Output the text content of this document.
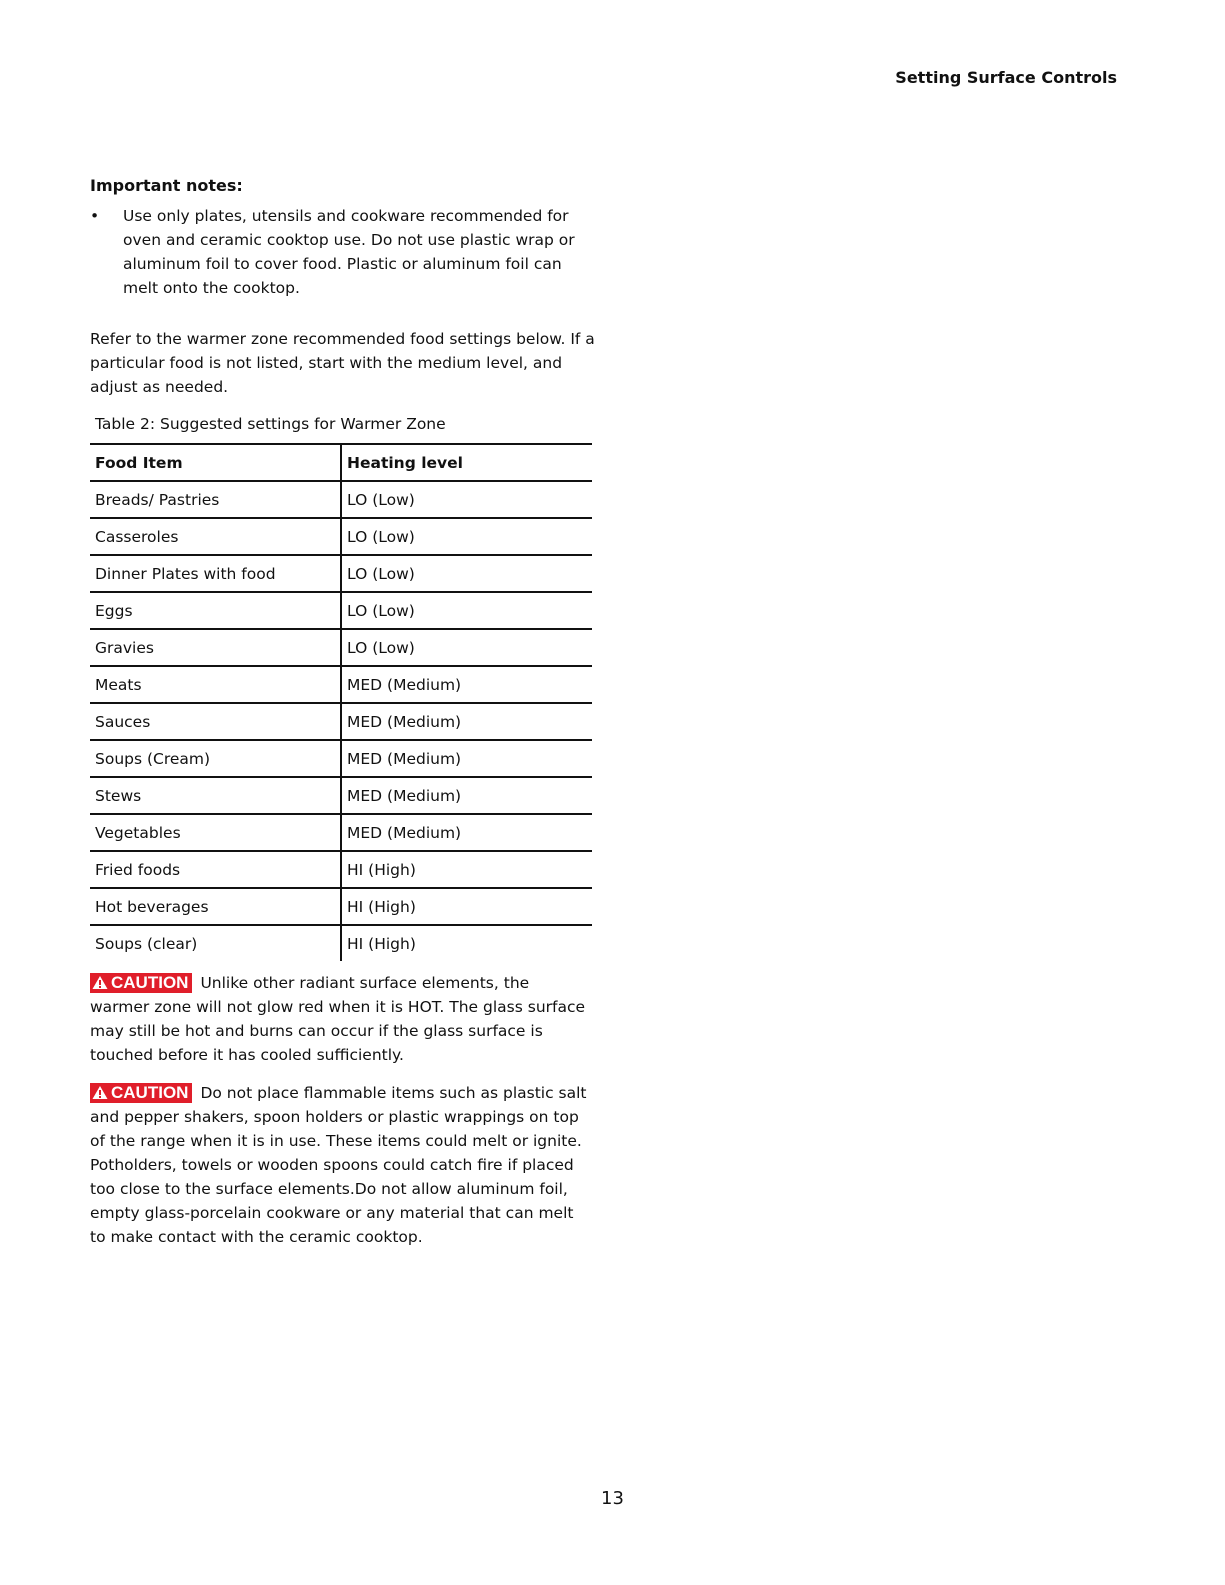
Setting Surface Controls

Important notes:

• Use only plates, utensils and cookware recommended for oven and ceramic cooktop use. Do not use plastic wrap or aluminum foil to cover food. Plastic or aluminum foil can melt onto the cooktop.

Refer to the warmer zone recommended food settings below. If a particular food is not listed, start with the medium level, and adjust as needed.

Table 2: Suggested settings for Warmer Zone
Food Item	Heating level
Breads/ Pastries	LO (Low)
Casseroles	LO (Low)
Dinner Plates with food	LO (Low)
Eggs	LO (Low)
Gravies	LO (Low)
Meats	MED (Medium)
Sauces	MED (Medium)
Soups (Cream)	MED (Medium)
Stews	MED (Medium)
Vegetables	MED (Medium)
Fried foods	HI (High)
Hot beverages	HI (High)
Soups (clear)	HI (High)

CAUTION Unlike other radiant surface elements, the warmer zone will not glow red when it is HOT. The glass surface may still be hot and burns can occur if the glass surface is touched before it has cooled sufficiently.

CAUTION Do not place flammable items such as plastic salt and pepper shakers, spoon holders or plastic wrappings on top of the range when it is in use. These items could melt or ignite. Potholders, towels or wooden spoons could catch fire if placed too close to the surface elements.Do not allow aluminum foil, empty glass-porcelain cookware or any material that can melt to make contact with the ceramic cooktop.

13
